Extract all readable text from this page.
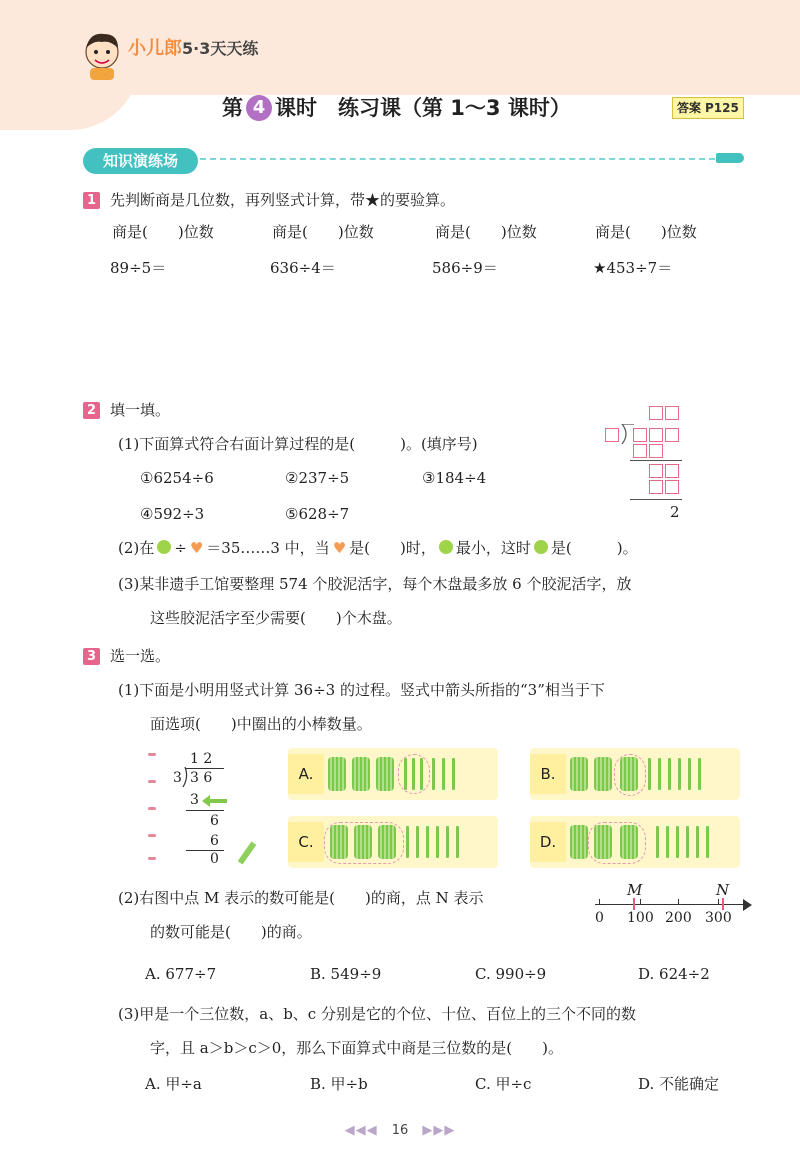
小儿郎5·3天天练
第 4 课时　练习课（第 1～3 课时）	答案 P125
知识演练场
1 先判断商是几位数，再列竖式计算，带★的要验算。
商是(　　)位数	商是(　　)位数	商是(　　)位数	商是(　　)位数
89÷5＝	636÷4＝	586÷9＝	★453÷7＝
2 填一填。
(1)下面算式符合右面计算过程的是(　　　)。(填序号)
①6254÷6	②237÷5	③184÷4
④592÷3	⑤628÷7	2
(2)在 ÷ ♥ ＝35……3 中，当 ♥ 是(　　)时， 最小，这时 是(　　　)。
(3)某非遗手工馆要整理 574 个胶泥活字，每个木盘最多放 6 个胶泥活字，放
这些胶泥活字至少需要(　　)个木盘。
3 选一选。
(1)下面是小明用竖式计算 36÷3 的过程。竖式中箭头所指的“3”相当于下
面选项(　　)中圈出的小棒数量。
1 2
3 3 6
3
6
6
0
A.	B.
C.	D.
(2)右图中点 M 表示的数可能是(　　)的商，点 N 表示
的数可能是(　　)的商。
M	N
0 100 200 300
A. 677÷7	B. 549÷9	C. 990÷9	D. 624÷2
(3)甲是一个三位数，a、b、c 分别是它的个位、十位、百位上的三个不同的数
字，且 a＞b＞c＞0，那么下面算式中商是三位数的是(　　)。
A. 甲÷a	B. 甲÷b	C. 甲÷c	D. 不能确定
◀◀◀ 16 ▶▶▶
